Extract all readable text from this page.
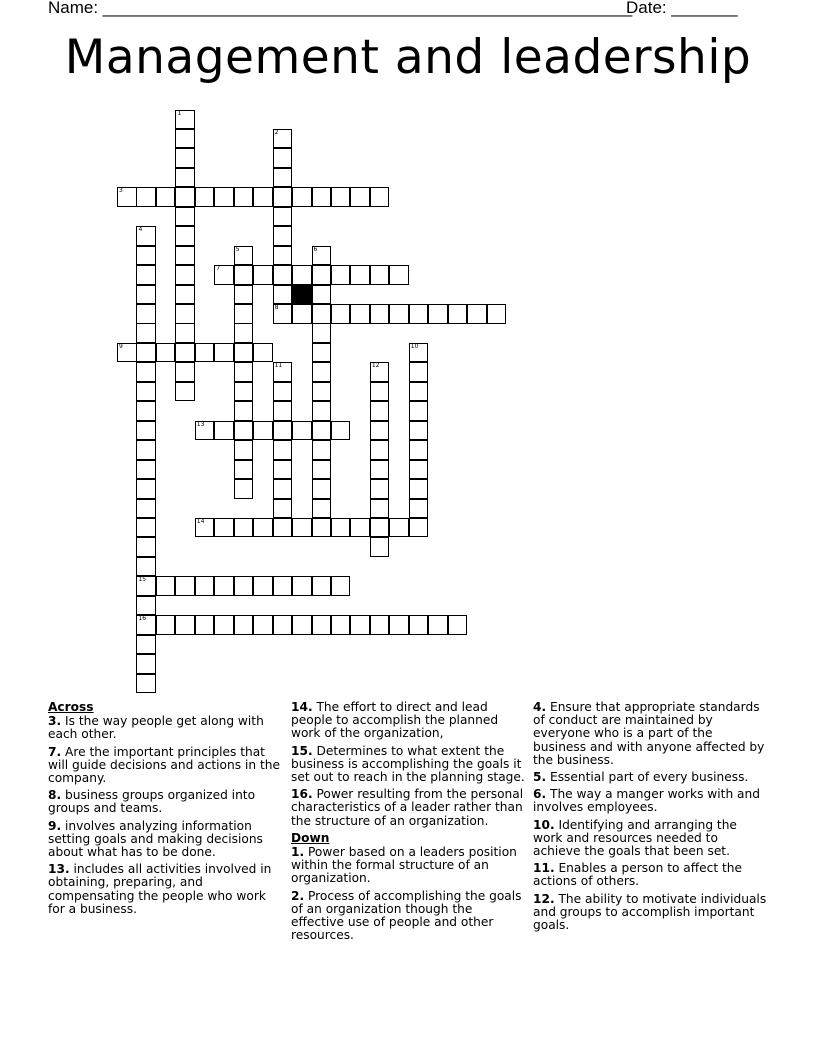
Name: ________________________________________________________
Date: _______
Management and leadership
1
2
3
4
15
16
5	6
7
8
9	10
11	12
13
14
Across
3. Is the way people get along with each other.
7. Are the important principles that will guide decisions and actions in the company.
8. business groups organized into groups and teams.
9. involves analyzing information setting goals and making decisions about what has to be done.
13. includes all activities involved in obtaining, preparing, and compensating the people who work for a business.
14. The effort to direct and lead people to accomplish the planned work of the organization,
15. Determines to what extent the business is accomplishing the goals it set out to reach in the planning stage.
16. Power resulting from the personal characteristics of a leader rather than the structure of an organization.
Down
1. Power based on a leaders position within the formal structure of an organization.
2. Process of accomplishing the goals of an organization though the effective use of people and other resources.
4. Ensure that appropriate standards of conduct are maintained by everyone who is a part of the business and with anyone affected by the business.
5. Essential part of every business.
6. The way a manger works with and involves employees.
10. Identifying and arranging the work and resources needed to achieve the goals that been set.
11. Enables a person to affect the actions of others.
12. The ability to motivate individuals and groups to accomplish important goals.
